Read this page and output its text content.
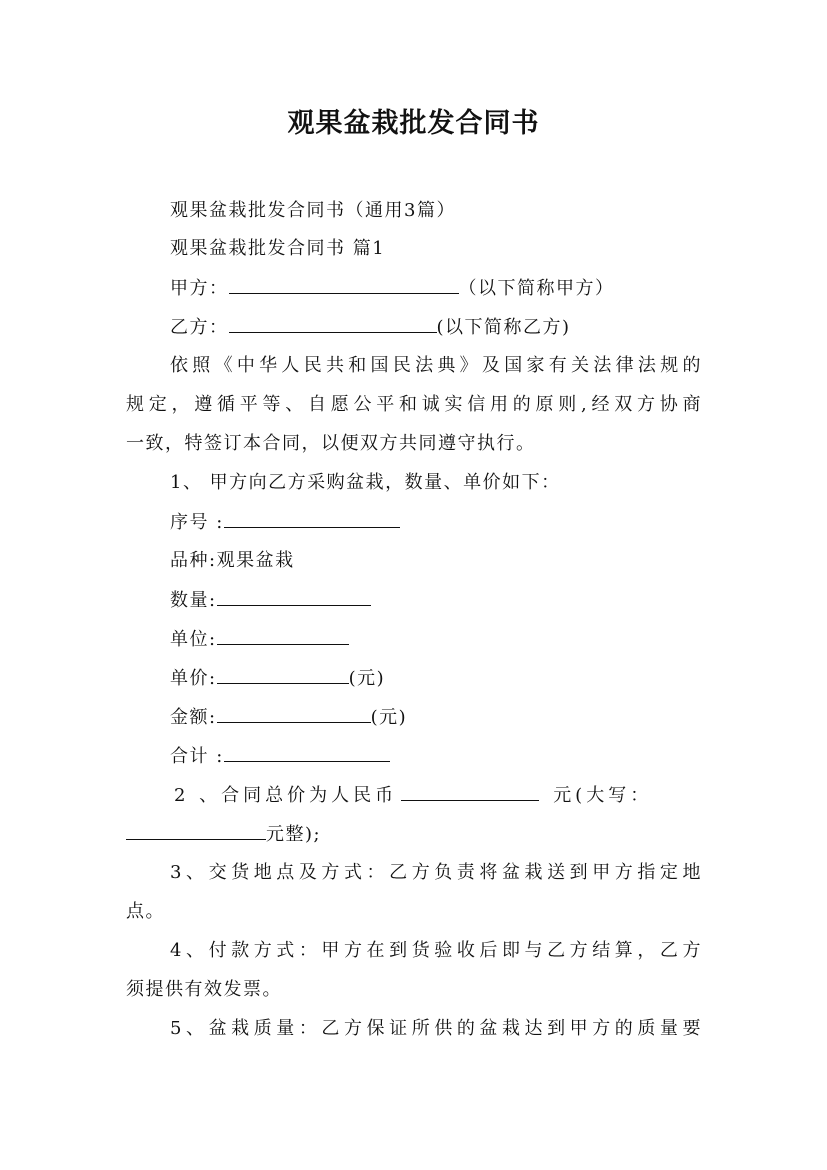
观果盆栽批发合同书
观果盆栽批发合同书（通用3篇）
观果盆栽批发合同书 篇1
甲方：	（以下简称甲方）
乙方：	(以下简称乙方)
依照《中华人民共和国民法典》及国家有关法律法规的
规定，遵循平等、自愿公平和诚实信用的原则,经双方协商
一致，特签订本合同，以便双方共同遵守执行。
1、 甲方向乙方采购盆栽，数量、单价如下：
序号 :
品种:观果盆栽
数量:
单位:
单价:	(元)
金额:	(元)
合计 :
2 、合同总价为人民币	元(大写：
元整);
3、交货地点及方式：乙方负责将盆栽送到甲方指定地
点。
4、付款方式：甲方在到货验收后即与乙方结算，乙方
须提供有效发票。
5、盆栽质量：乙方保证所供的盆栽达到甲方的质量要
